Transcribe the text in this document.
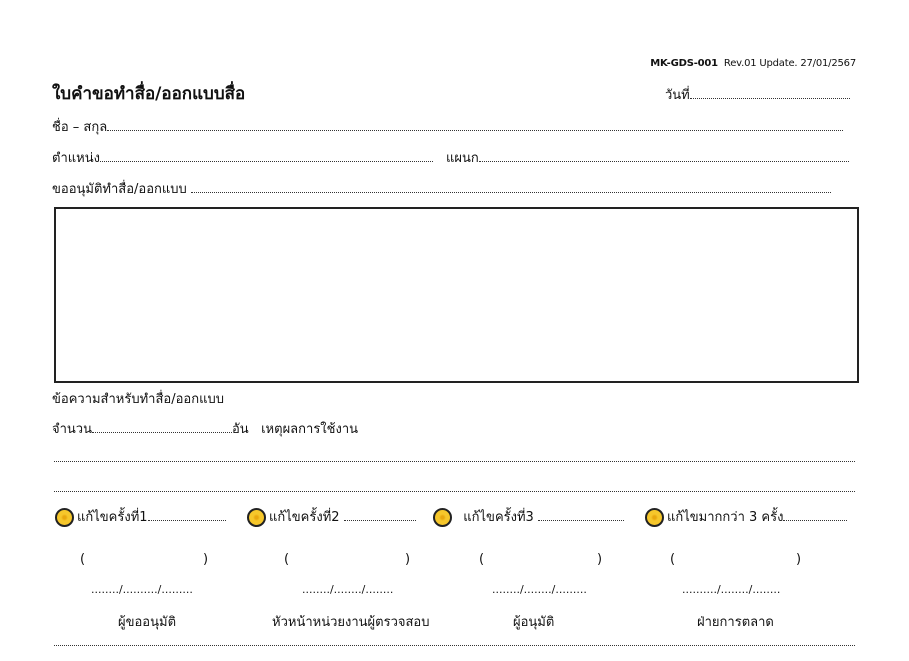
MK-GDS-001 Rev.01 Update. 27/01/2567
ใบคำขอทำสื่อ/ออกแบบสื่อ	วันที่
ชื่อ – สกุล
ตำแหน่ง	แผนก
ขออนุมัติทำสื่อ/ออกแบบ
ข้อความสำหรับทำสื่อ/ออกแบบ
จำนวน	อัน เหตุผลการใช้งาน
แก้ไขครั้งที่1	แก้ไขครั้งที่2	แก้ไขครั้งที่3	แก้ไขมากกว่า 3 ครั้ง
(	)	(	)	(	)	(	)
......../........../.........	......../......../........	......../......../.........	........../......../........
ผู้ขออนุมัติ	หัวหน้าหน่วยงานผู้ตรวจสอบ	ผู้อนุมัติ	ฝ่ายการตลาด
